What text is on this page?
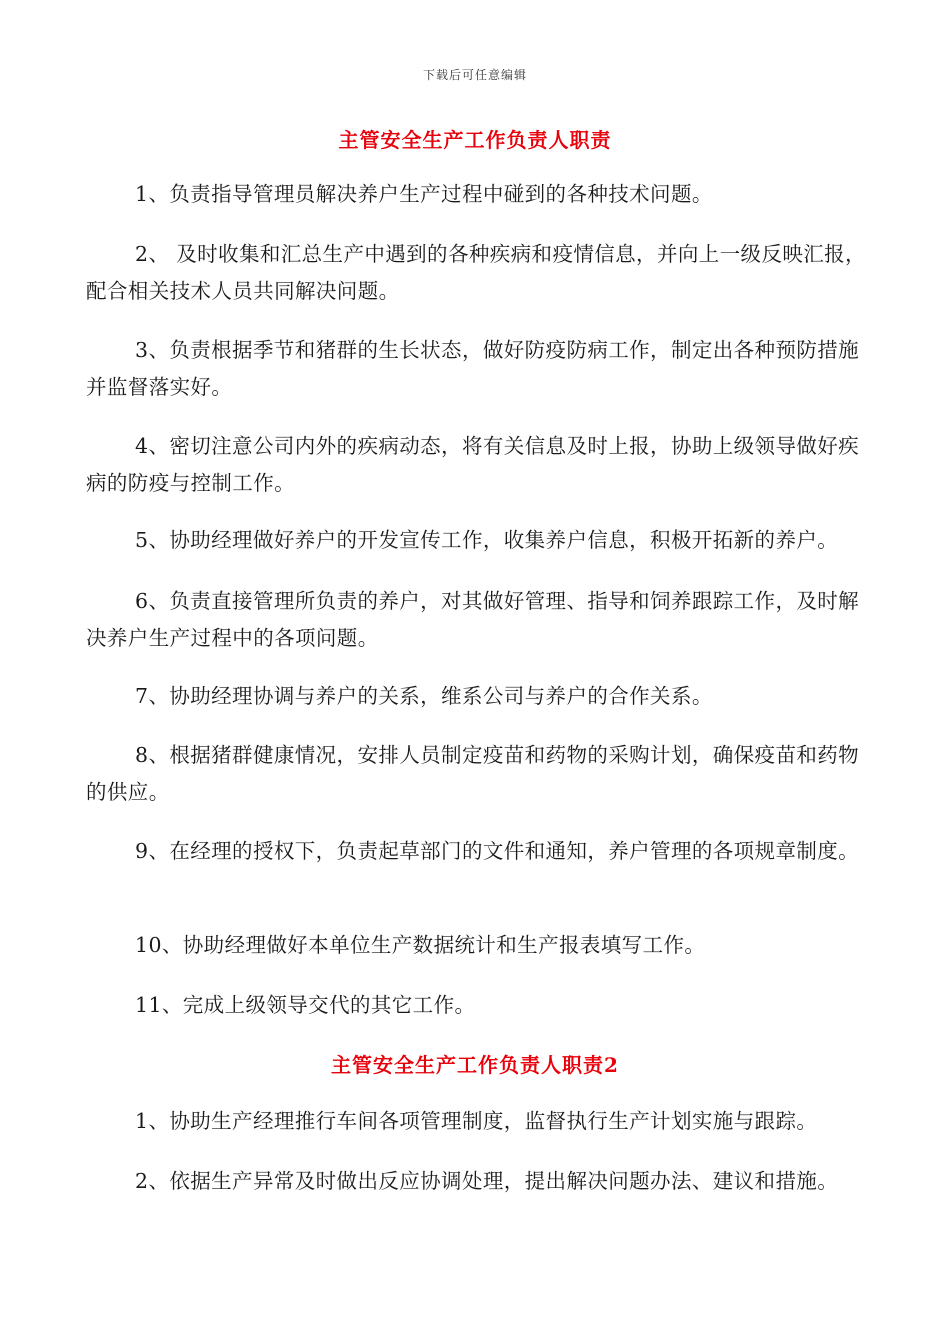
下载后可任意编辑
主管安全生产工作负责人职责

1、负责指导管理员解决养户生产过程中碰到的各种技术问题。

2、 及时收集和汇总生产中遇到的各种疾病和疫情信息，并向上一级反映汇报，配合相关技术人员共同解决问题。

3、负责根据季节和猪群的生长状态，做好防疫防病工作，制定出各种预防措施并监督落实好。

4、密切注意公司内外的疾病动态，将有关信息及时上报，协助上级领导做好疾病的防疫与控制工作。

5、协助经理做好养户的开发宣传工作，收集养户信息，积极开拓新的养户。

6、负责直接管理所负责的养户，对其做好管理、指导和饲养跟踪工作，及时解决养户生产过程中的各项问题。

7、协助经理协调与养户的关系，维系公司与养户的合作关系。

8、根据猪群健康情况，安排人员制定疫苗和药物的采购计划，确保疫苗和药物的供应。

9、在经理的授权下，负责起草部门的文件和通知，养户管理的各项规章制度。

10、协助经理做好本单位生产数据统计和生产报表填写工作。

11、完成上级领导交代的其它工作。

主管安全生产工作负责人职责2

1、协助生产经理推行车间各项管理制度，监督执行生产计划实施与跟踪。

2、依据生产异常及时做出反应协调处理，提出解决问题办法、建议和措施。
